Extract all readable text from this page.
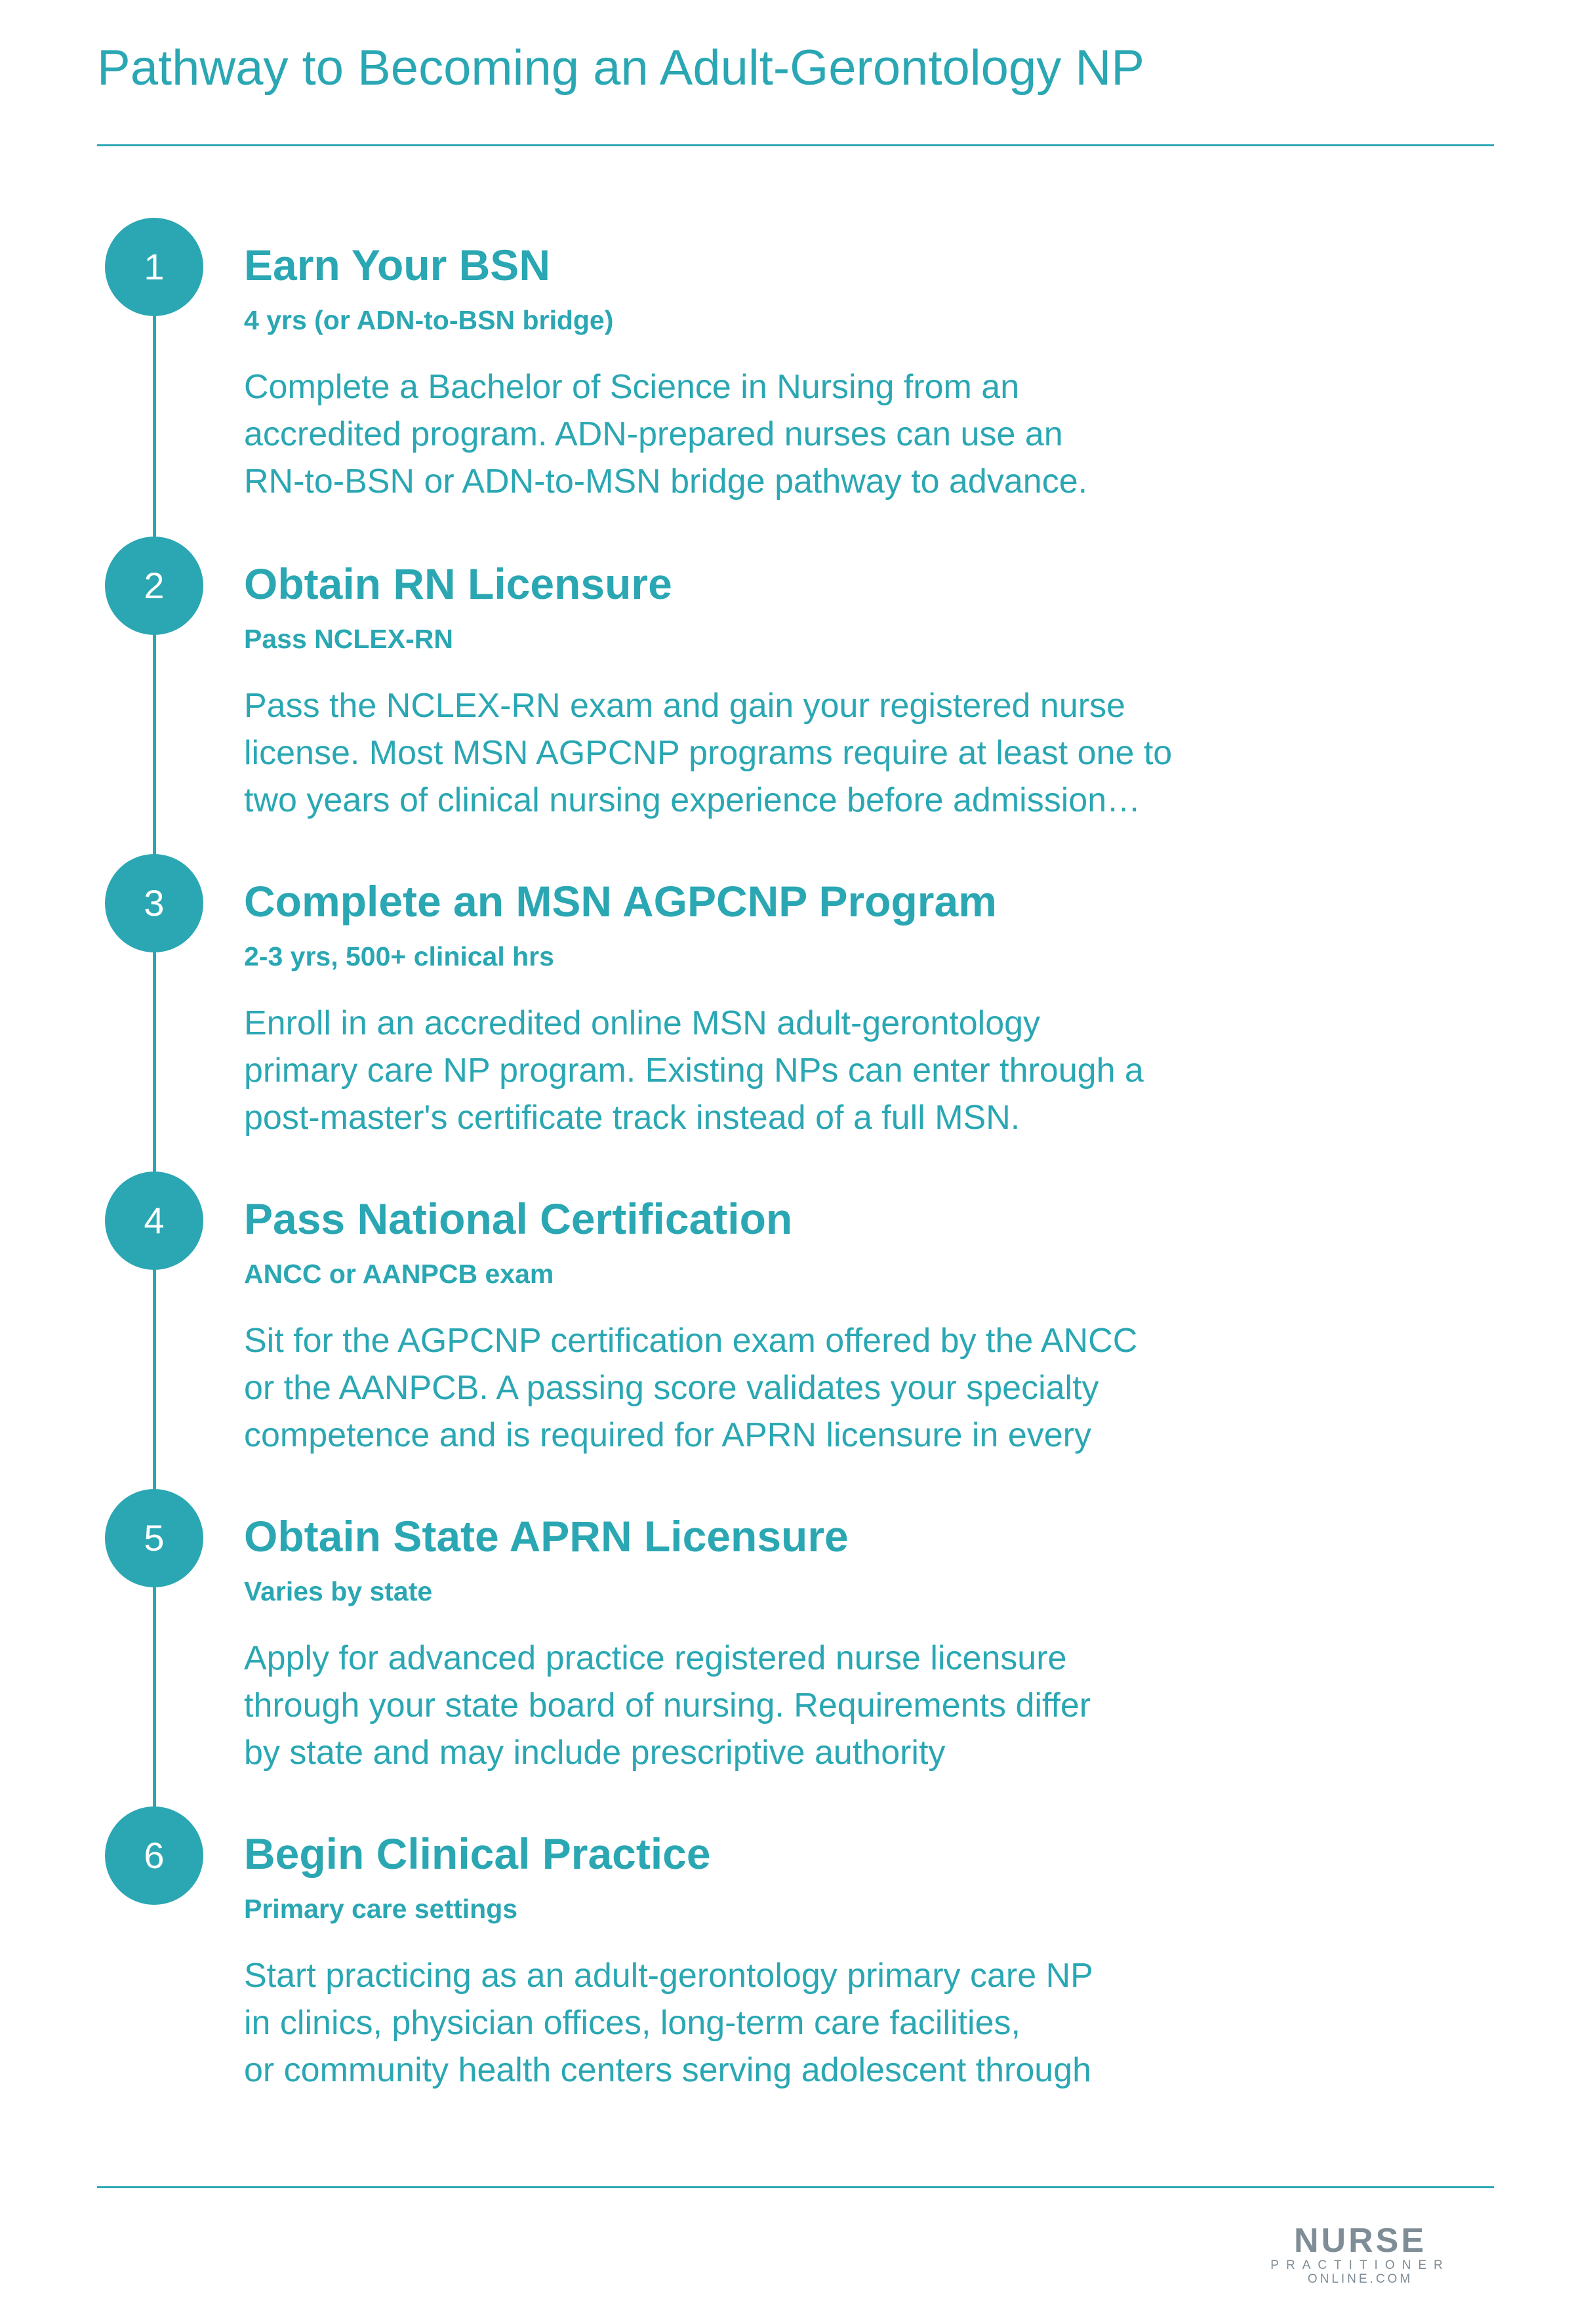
Pathway to Becoming an Adult-Gerontology NP
1	Earn Your BSN

4 yrs (or ADN-to-BSN bridge)

Complete a Bachelor of Science in Nursing from an
accredited program. ADN-prepared nurses can use an
RN-to-BSN or ADN-to-MSN bridge pathway to advance.

2	Obtain RN Licensure

Pass NCLEX-RN

Pass the NCLEX-RN exam and gain your registered nurse
license. Most MSN AGPCNP programs require at least one to
two years of clinical nursing experience before admission…

3	Complete an MSN AGPCNP Program

2-3 yrs, 500+ clinical hrs

Enroll in an accredited online MSN adult-gerontology
primary care NP program. Existing NPs can enter through a
post-master's certificate track instead of a full MSN.

4	Pass National Certification

ANCC or AANPCB exam

Sit for the AGPCNP certification exam offered by the ANCC
or the AANPCB. A passing score validates your specialty
competence and is required for APRN licensure in every

5	Obtain State APRN Licensure

Varies by state

Apply for advanced practice registered nurse licensure
through your state board of nursing. Requirements differ
by state and may include prescriptive authority

6	Begin Clinical Practice

Primary care settings

Start practicing as an adult-gerontology primary care NP
in clinics, physician offices, long-term care facilities,
or community health centers serving adolescent through

NURSE
PRACTITIONER
ONLINE.COM
